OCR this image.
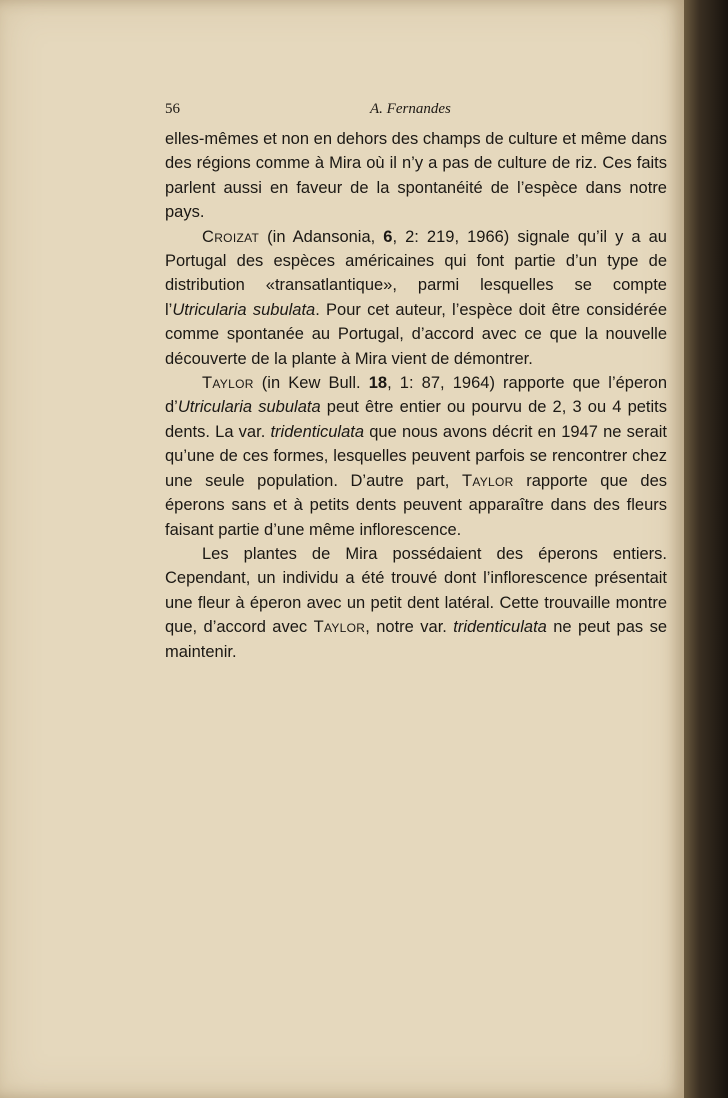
56	A. Fernandes

elles-mêmes et non en dehors des champs de culture et même dans des régions comme à Mira où il n’y a pas de culture de riz. Ces faits parlent aussi en faveur de la spontanéité de l’espèce dans notre pays.

Croizat (in Adansonia, 6, 2: 219, 1966) signale qu’il y a au Portugal des espèces américaines qui font partie d’un type de distribution «transatlantique», parmi lesquelles se compte l’Utricularia subulata. Pour cet auteur, l’espèce doit être considérée comme spontanée au Portugal, d’accord avec ce que la nouvelle découverte de la plante à Mira vient de démontrer.

Taylor (in Kew Bull. 18, 1: 87, 1964) rapporte que l’éperon d’Utricularia subulata peut être entier ou pourvu de 2, 3 ou 4 petits dents. La var. tridenticulata que nous avons décrit en 1947 ne serait qu’une de ces formes, lesquelles peuvent parfois se rencontrer chez une seule population. D’autre part, Taylor rapporte que des éperons sans et à petits dents peuvent apparaître dans des fleurs faisant partie d’une même inflorescence.

Les plantes de Mira possédaient des éperons entiers. Cependant, un individu a été trouvé dont l’inflorescence présentait une fleur à éperon avec un petit dent latéral. Cette trouvaille montre que, d’accord avec Taylor, notre var. tridenticulata ne peut pas se maintenir.
